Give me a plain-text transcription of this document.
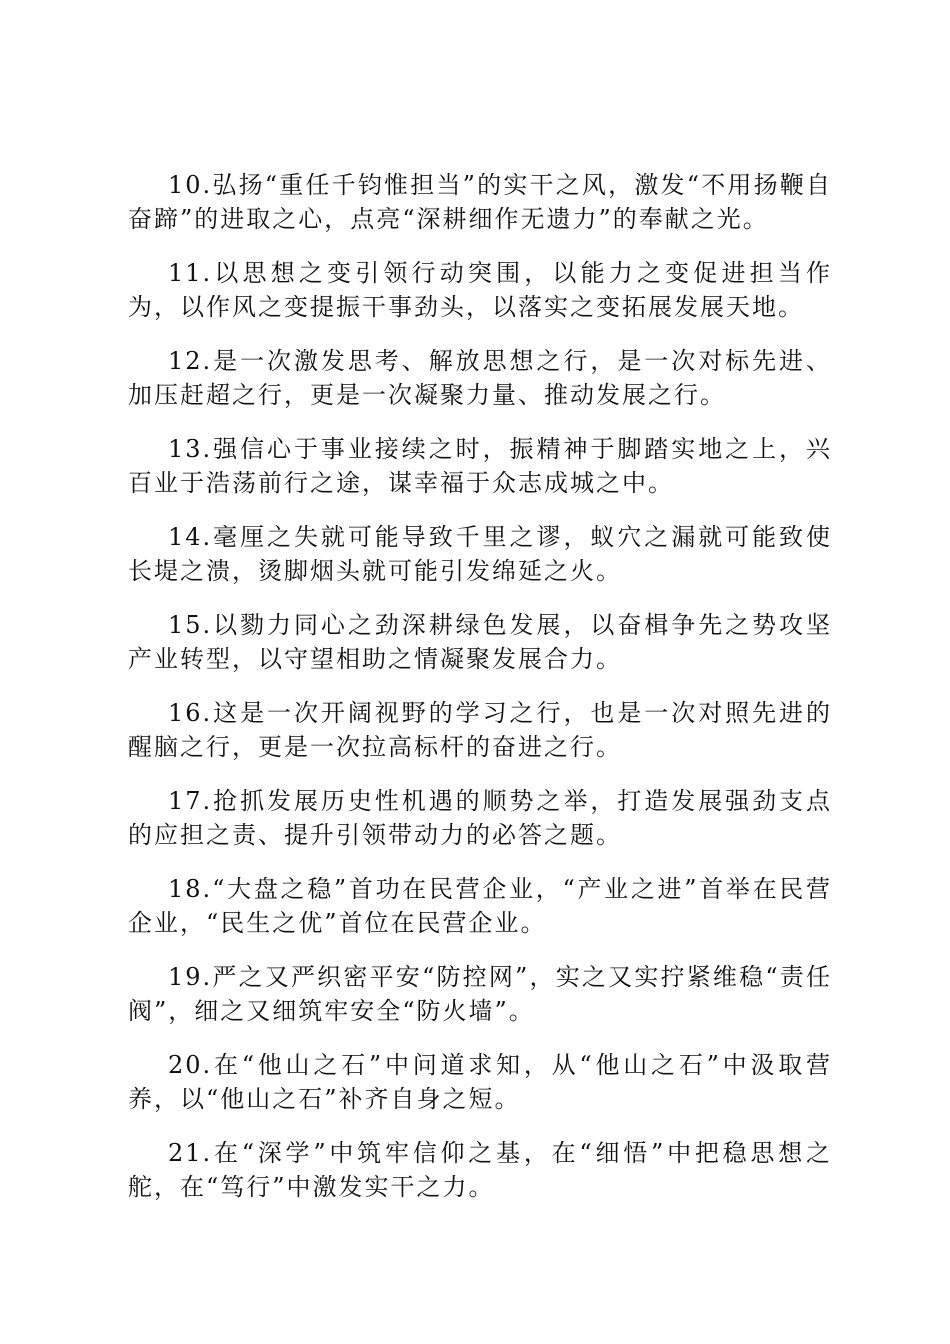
10.弘扬“重任千钧惟担当”的实干之风，激发“不用扬鞭自奋蹄”的进取之心，点亮“深耕细作无遗力”的奉献之光。

11.以思想之变引领行动突围，以能力之变促进担当作为，以作风之变提振干事劲头，以落实之变拓展发展天地。

12.是一次激发思考、解放思想之行，是一次对标先进、加压赶超之行，更是一次凝聚力量、推动发展之行。

13.强信心于事业接续之时，振精神于脚踏实地之上，兴百业于浩荡前行之途，谋幸福于众志成城之中。

14.毫厘之失就可能导致千里之谬，蚁穴之漏就可能致使长堤之溃，烫脚烟头就可能引发绵延之火。

15.以勠力同心之劲深耕绿色发展，以奋楫争先之势攻坚产业转型，以守望相助之情凝聚发展合力。

16.这是一次开阔视野的学习之行，也是一次对照先进的醒脑之行，更是一次拉高标杆的奋进之行。

17.抢抓发展历史性机遇的顺势之举，打造发展强劲支点的应担之责、提升引领带动力的必答之题。

18.“大盘之稳”首功在民营企业，“产业之进”首举在民营企业，“民生之优”首位在民营企业。

19.严之又严织密平安“防控网”，实之又实拧紧维稳“责任阀”，细之又细筑牢安全“防火墙”。

20.在“他山之石”中问道求知，从“他山之石”中汲取营养，以“他山之石”补齐自身之短。

21.在“深学”中筑牢信仰之基，在“细悟”中把稳思想之舵，在“笃行”中激发实干之力。
